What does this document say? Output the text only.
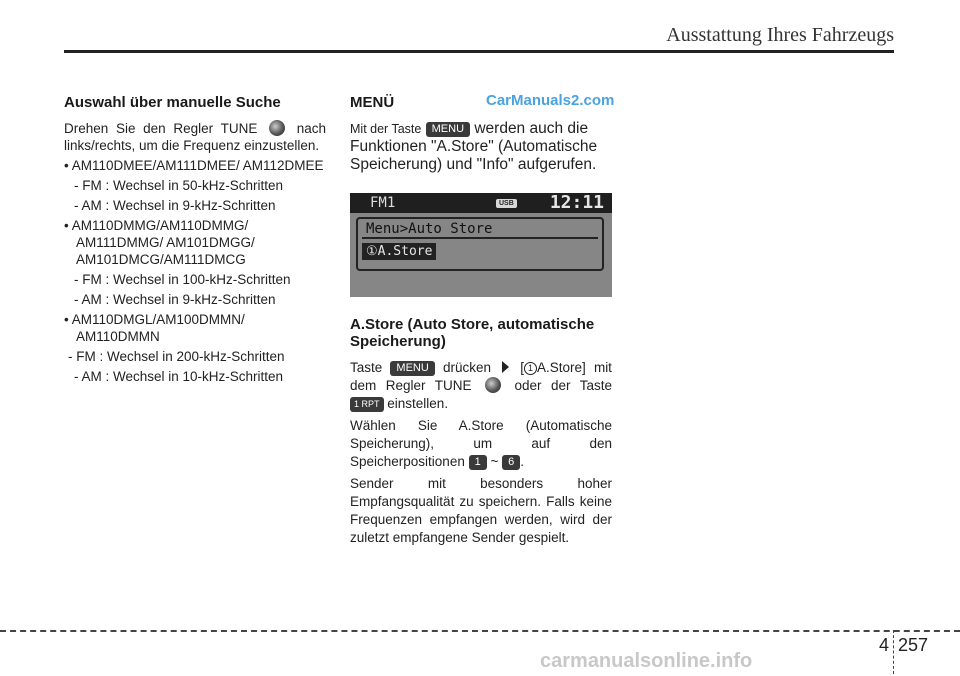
Ausstattung Ihres Fahrzeugs
Auswahl über manuelle Suche

Drehen Sie den Regler TUNE	nach links/rechts, um die Frequenz einzustellen.

• AM110DMEE/AM111DMEE/ AM112DMEE
- FM : Wechsel in 50-kHz-Schritten
- AM : Wechsel in 9-kHz-Schritten
• AM110DMMG/AM110DMMG/ AM111DMMG/ AM101DMGG/ AM101DMCG/AM111DMCG
- FM : Wechsel in 100-kHz-Schritten
- AM : Wechsel in 9-kHz-Schritten
• AM110DMGL/AM100DMMN/ AM110DMMN
- FM : Wechsel in 200-kHz-Schritten
- AM : Wechsel in 10-kHz-Schritten
CarManuals2.com
MENÜ

Mit der Taste MENU werden auch die Funktionen "A.Store" (Automatische Speicherung) und "Info" aufgerufen.

FM1	USB 12:11
Menu>Auto Store
①A.Store
A.Store (Auto Store, automatische Speicherung)

Taste MENU drücken [ 1 A.Store] mit dem Regler TUNE	oder der Taste 1 RPT einstellen.

Wählen Sie A.Store (Automatische Speicherung), um auf den Speicherpositionen 1 ~ 6 .

Sender mit besonders hoher Empfangsqualität zu speichern. Falls keine Frequenzen empfangen werden, wird der zuletzt empfangene Sender gespielt.

4 257
carmanualsonline.info
